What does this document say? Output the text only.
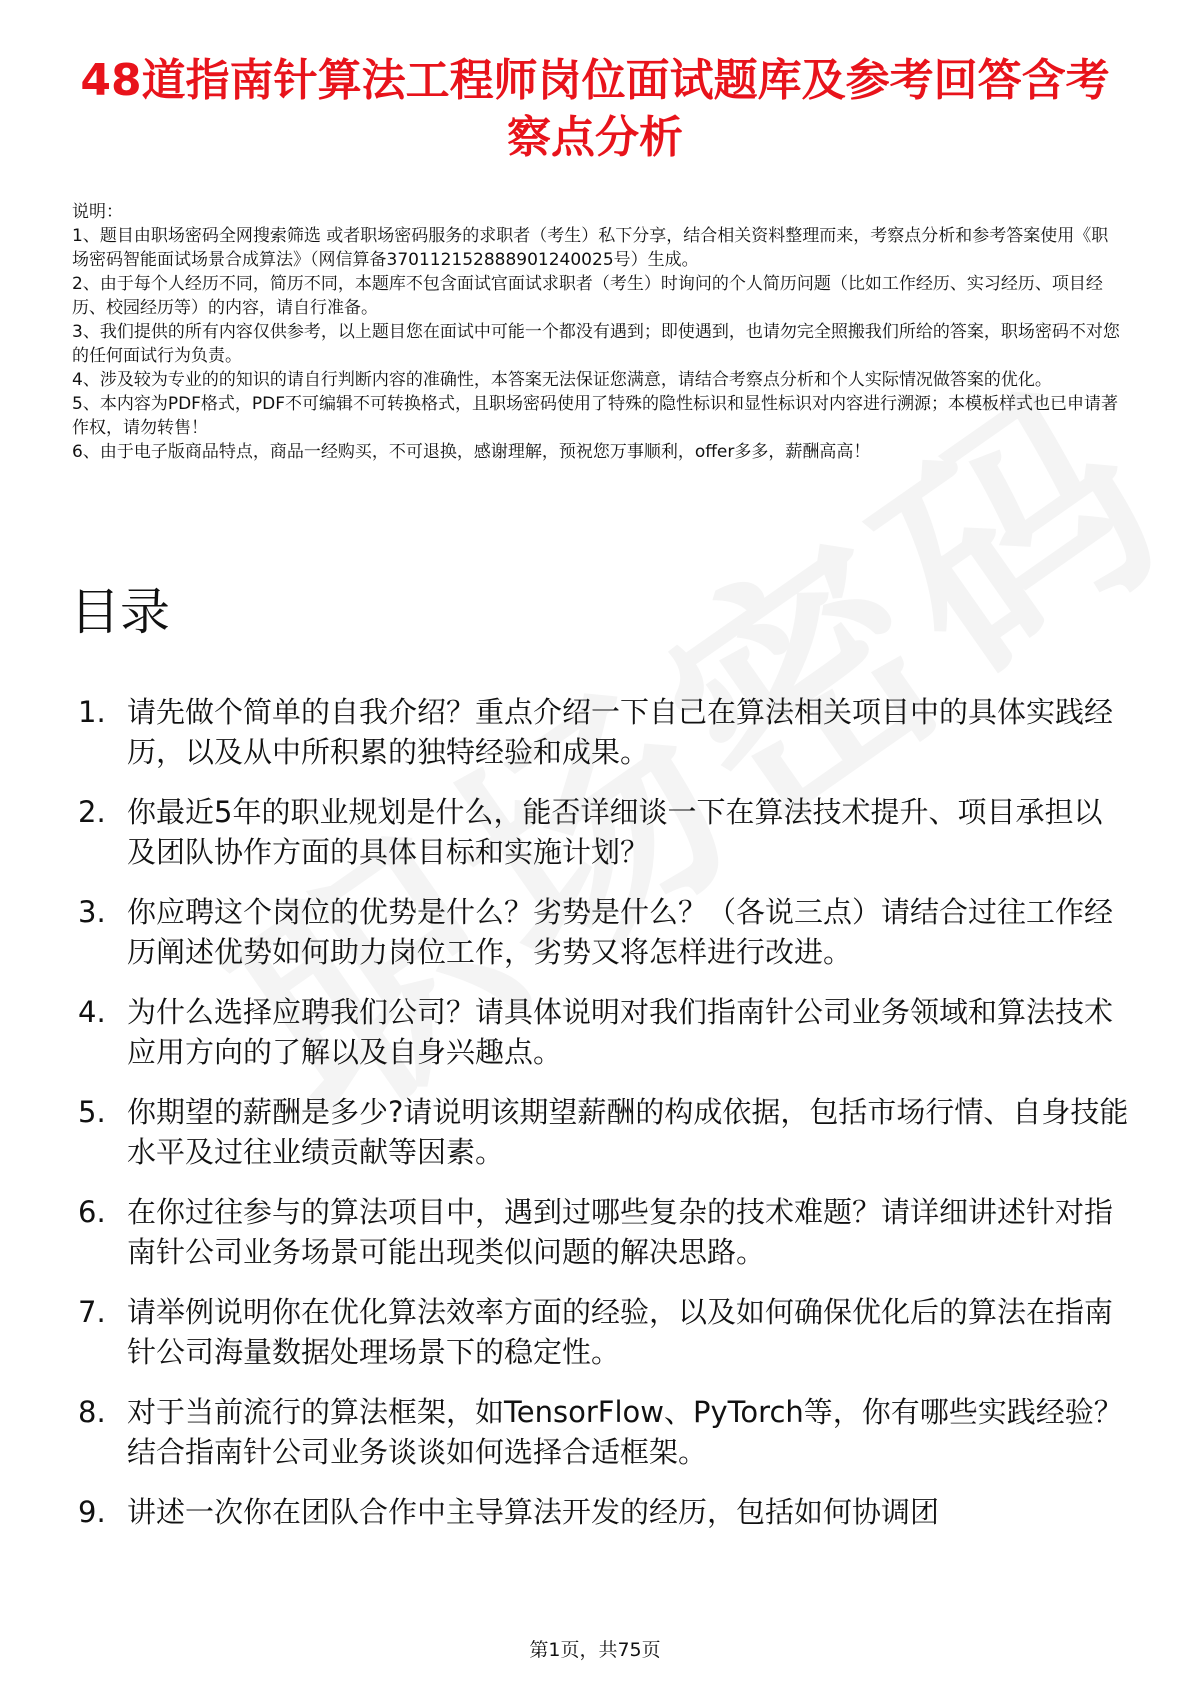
48道指南针算法工程师岗位面试题库及参考回答含考察点分析

说明：

1、题目由职场密码全网搜索筛选 或者职场密码服务的求职者（考生）私下分享，结合相关资料整理而来，考察点分析和参考答案使用《职场密码智能面试场景合成算法》（网信算备370112152888901240025号）生成。

2、由于每个人经历不同，简历不同，本题库不包含面试官面试求职者（考生）时询问的个人简历问题（比如工作经历、实习经历、项目经历、校园经历等）的内容，请自行准备。

3、我们提供的所有内容仅供参考，以上题目您在面试中可能一个都没有遇到；即使遇到，也请勿完全照搬我们所给的答案，职场密码不对您的任何面试行为负责。

4、涉及较为专业的的知识的请自行判断内容的准确性，本答案无法保证您满意，请结合考察点分析和个人实际情况做答案的优化。

5、本内容为PDF格式，PDF不可编辑不可转换格式，且职场密码使用了特殊的隐性标识和显性标识对内容进行溯源；本模板样式也已申请著作权，请勿转售！

6、由于电子版商品特点，商品一经购买，不可退换，感谢理解，预祝您万事顺利，offer多多，薪酬高高！

目录
1. 请先做个简单的自我介绍？重点介绍一下自己在算法相关项目中的具体实践经历，以及从中所积累的独特经验和成果。
2. 你最近5年的职业规划是什么，能否详细谈一下在算法技术提升、项目承担以及团队协作方面的具体目标和实施计划？
3. 你应聘这个岗位的优势是什么？劣势是什么？（各说三点）请结合过往工作经历阐述优势如何助力岗位工作，劣势又将怎样进行改进。
4. 为什么选择应聘我们公司？请具体说明对我们指南针公司业务领域和算法技术应用方向的了解以及自身兴趣点。
5. 你期望的薪酬是多少?请说明该期望薪酬的构成依据，包括市场行情、自身技能水平及过往业绩贡献等因素。
6. 在你过往参与的算法项目中，遇到过哪些复杂的技术难题？请详细讲述针对指南针公司业务场景可能出现类似问题的解决思路。
7. 请举例说明你在优化算法效率方面的经验，以及如何确保优化后的算法在指南针公司海量数据处理场景下的稳定性。
8. 对于当前流行的算法框架，如TensorFlow、PyTorch等，你有哪些实践经验？结合指南针公司业务谈谈如何选择合适框架。
9. 讲述一次你在团队合作中主导算法开发的经历，包括如何协调团
第1页，共75页
